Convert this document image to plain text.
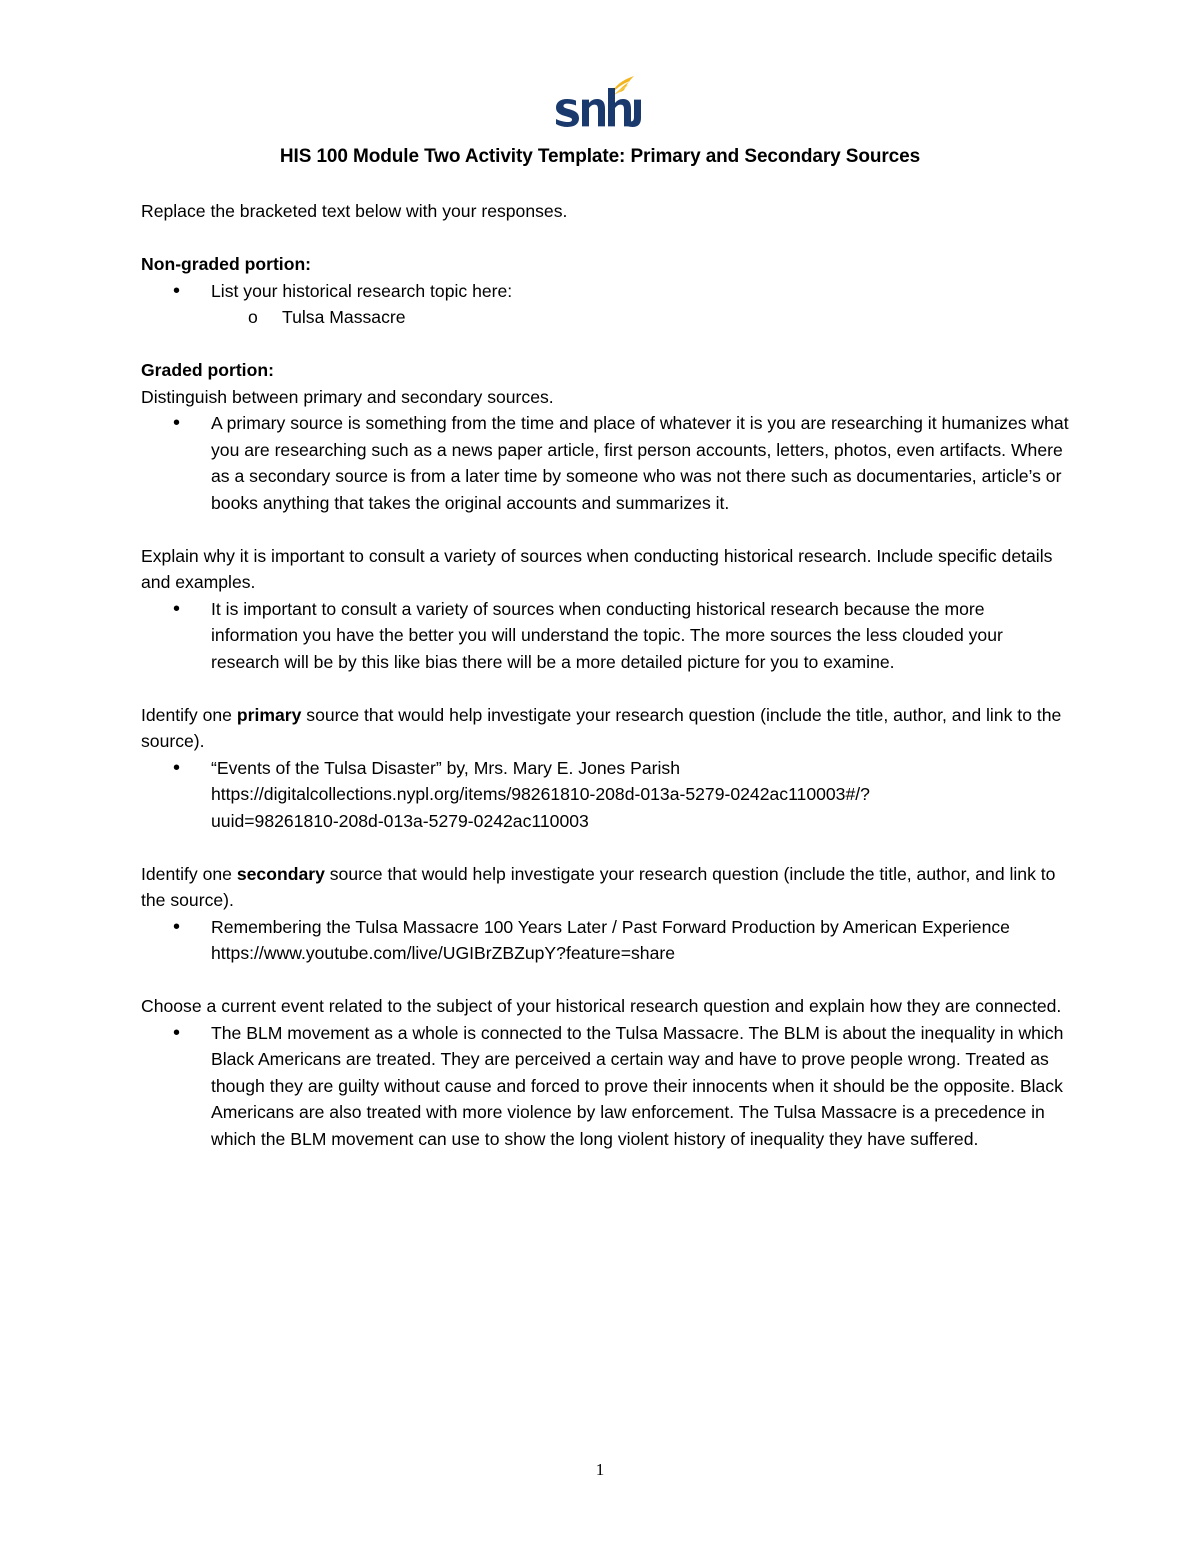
HIS 100 Module Two Activity Template: Primary and Secondary Sources

Replace the bracketed text below with your responses.

Non-graded portion:

• List your historical research topic here:
o Tulsa Massacre

Graded portion:

Distinguish between primary and secondary sources.

• A primary source is something from the time and place of whatever it is you are researching it humanizes what you are researching such as a news paper article, first person accounts, letters, photos, even artifacts. Where as a secondary source is from a later time by someone who was not there such as documentaries, article’s or books anything that takes the original accounts and summarizes it.

Explain why it is important to consult a variety of sources when conducting historical research. Include specific details and examples.

• It is important to consult a variety of sources when conducting historical research because the more information you have the better you will understand the topic. The more sources the less clouded your research will be by this like bias there will be a more detailed picture for you to examine.

Identify one primary source that would help investigate your research question (include the title, author, and link to the source).

• “Events of the Tulsa Disaster” by, Mrs. Mary E. Jones Parish
https://digitalcollections.nypl.org/items/98261810-208d-013a-5279-0242ac110003#/?
uuid=98261810-208d-013a-5279-0242ac110003

Identify one secondary source that would help investigate your research question (include the title, author, and link to the source).

• Remembering the Tulsa Massacre 100 Years Later / Past Forward Production by American Experience
https://www.youtube.com/live/UGIBrZBZupY?feature=share

Choose a current event related to the subject of your historical research question and explain how they are connected.

• The BLM movement as a whole is connected to the Tulsa Massacre. The BLM is about the inequality in which Black Americans are treated. They are perceived a certain way and have to prove people wrong. Treated as though they are guilty without cause and forced to prove their innocents when it should be the opposite. Black Americans are also treated with more violence by law enforcement. The Tulsa Massacre is a precedence in which the BLM movement can use to show the long violent history of inequality they have suffered.
1
